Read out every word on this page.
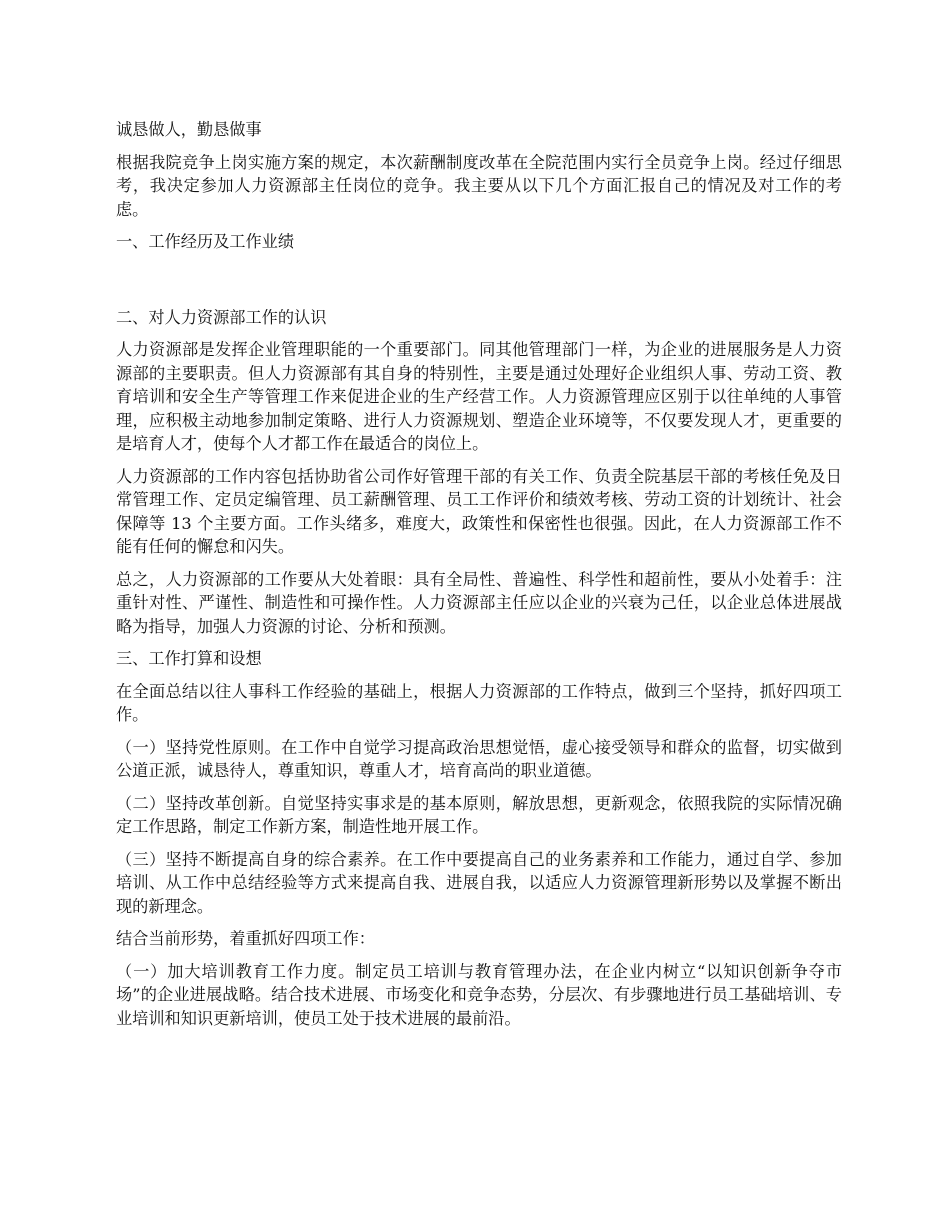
诚恳做人，勤恳做事

根据我院竞争上岗实施方案的规定，本次薪酬制度改革在全院范围内实行全员竞争上岗。经过仔细思考，我决定参加人力资源部主任岗位的竞争。我主要从以下几个方面汇报自己的情况及对工作的考虑。

一、工作经历及工作业绩

二、对人力资源部工作的认识

人力资源部是发挥企业管理职能的一个重要部门。同其他管理部门一样，为企业的进展服务是人力资源部的主要职责。但人力资源部有其自身的特别性，主要是通过处理好企业组织人事、劳动工资、教育培训和安全生产等管理工作来促进企业的生产经营工作。人力资源管理应区别于以往单纯的人事管理，应积极主动地参加制定策略、进行人力资源规划、塑造企业环境等，不仅要发现人才，更重要的是培育人才，使每个人才都工作在最适合的岗位上。

人力资源部的工作内容包括协助省公司作好管理干部的有关工作、负责全院基层干部的考核任免及日常管理工作、定员定编管理、员工薪酬管理、员工工作评价和绩效考核、劳动工资的计划统计、社会保障等 13 个主要方面。工作头绪多，难度大，政策性和保密性也很强。因此，在人力资源部工作不能有任何的懈怠和闪失。

总之，人力资源部的工作要从大处着眼：具有全局性、普遍性、科学性和超前性，要从小处着手：注重针对性、严谨性、制造性和可操作性。人力资源部主任应以企业的兴衰为己任，以企业总体进展战略为指导，加强人力资源的讨论、分析和预测。

三、工作打算和设想

在全面总结以往人事科工作经验的基础上，根据人力资源部的工作特点，做到三个坚持，抓好四项工作。

（一）坚持党性原则。在工作中自觉学习提高政治思想觉悟，虚心接受领导和群众的监督，切实做到公道正派，诚恳待人，尊重知识，尊重人才，培育高尚的职业道德。

（二）坚持改革创新。自觉坚持实事求是的基本原则，解放思想，更新观念，依照我院的实际情况确定工作思路，制定工作新方案，制造性地开展工作。

（三）坚持不断提高自身的综合素养。在工作中要提高自己的业务素养和工作能力，通过自学、参加培训、从工作中总结经验等方式来提高自我、进展自我，以适应人力资源管理新形势以及掌握不断出现的新理念。

结合当前形势，着重抓好四项工作：

（一）加大培训教育工作力度。制定员工培训与教育管理办法，在企业内树立“以知识创新争夺市场”的企业进展战略。结合技术进展、市场变化和竞争态势，分层次、有步骤地进行员工基础培训、专业培训和知识更新培训，使员工处于技术进展的最前沿。
